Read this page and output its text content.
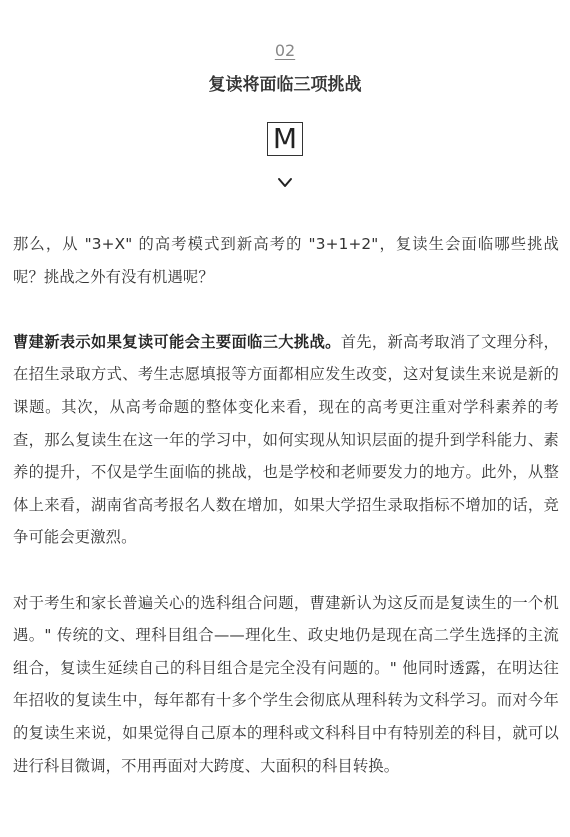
02
复读将面临三项挑战
M

那么，从 "3+X" 的高考模式到新高考的 "3+1+2"，复读生会面临哪些挑战呢？挑战之外有没有机遇呢？

曹建新表示如果复读可能会主要面临三大挑战。首先，新高考取消了文理分科，在招生录取方式、考生志愿填报等方面都相应发生改变，这对复读生来说是新的课题。其次，从高考命题的整体变化来看，现在的高考更注重对学科素养的考查，那么复读生在这一年的学习中，如何实现从知识层面的提升到学科能力、素养的提升，不仅是学生面临的挑战，也是学校和老师要发力的地方。此外，从整体上来看，湖南省高考报名人数在增加，如果大学招生录取指标不增加的话，竞争可能会更激烈。

对于考生和家长普遍关心的选科组合问题，曹建新认为这反而是复读生的一个机遇。" 传统的文、理科目组合——理化生、政史地仍是现在高二学生选择的主流组合，复读生延续自己的科目组合是完全没有问题的。" 他同时透露，在明达往年招收的复读生中，每年都有十多个学生会彻底从理科转为文科学习。而对今年的复读生来说，如果觉得自己原本的理科或文科科目中有特别差的科目，就可以进行科目微调，不用再面对大跨度、大面积的科目转换。
